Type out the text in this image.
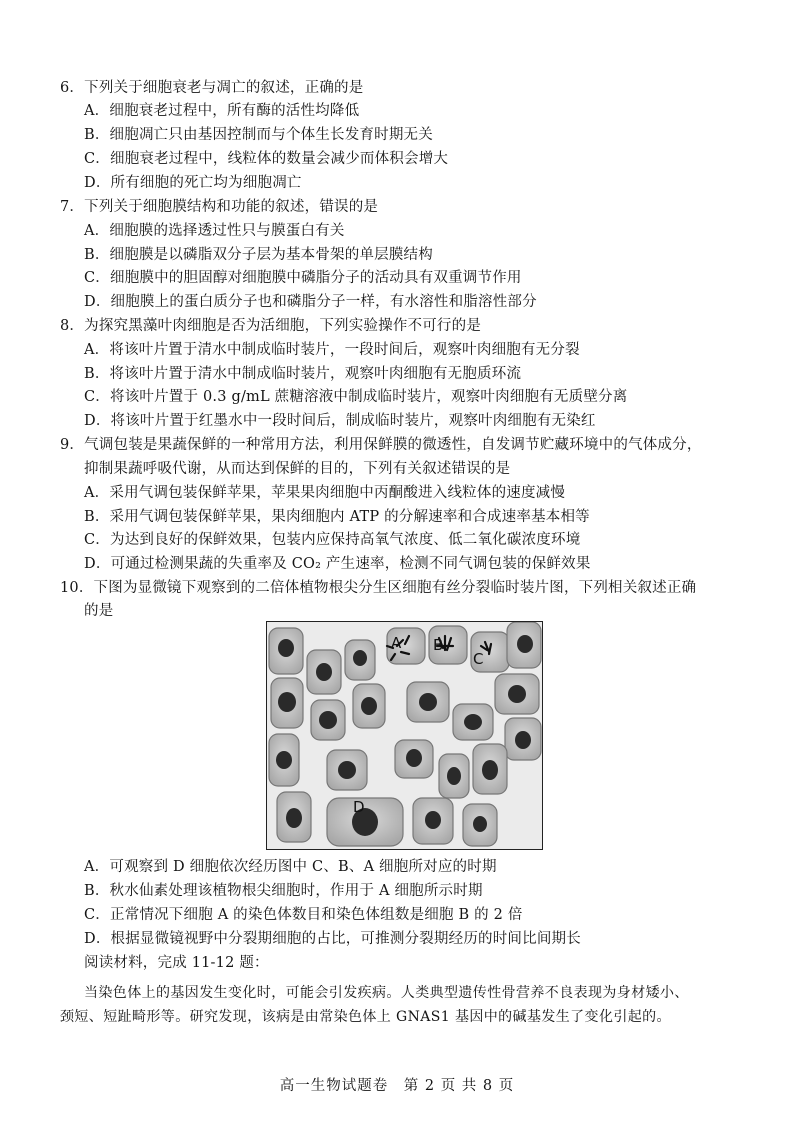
6．下列关于细胞衰老与凋亡的叙述，正确的是
A．细胞衰老过程中，所有酶的活性均降低
B．细胞凋亡只由基因控制而与个体生长发育时期无关
C．细胞衰老过程中，线粒体的数量会减少而体积会增大
D．所有细胞的死亡均为细胞凋亡
7．下列关于细胞膜结构和功能的叙述，错误的是
A．细胞膜的选择透过性只与膜蛋白有关
B．细胞膜是以磷脂双分子层为基本骨架的单层膜结构
C．细胞膜中的胆固醇对细胞膜中磷脂分子的活动具有双重调节作用
D．细胞膜上的蛋白质分子也和磷脂分子一样，有水溶性和脂溶性部分
8．为探究黑藻叶肉细胞是否为活细胞，下列实验操作不可行的是
A．将该叶片置于清水中制成临时装片，一段时间后，观察叶肉细胞有无分裂
B．将该叶片置于清水中制成临时装片，观察叶肉细胞有无胞质环流
C．将该叶片置于 0.3 g/mL 蔗糖溶液中制成临时装片，观察叶肉细胞有无质壁分离
D．将该叶片置于红墨水中一段时间后，制成临时装片，观察叶肉细胞有无染红
9．气调包装是果蔬保鲜的一种常用方法，利用保鲜膜的微透性，自发调节贮藏环境中的气体成分，
抑制果蔬呼吸代谢，从而达到保鲜的目的，下列有关叙述错误的是
A．采用气调包装保鲜苹果，苹果果肉细胞中丙酮酸进入线粒体的速度减慢
B．采用气调包装保鲜苹果，果肉细胞内 ATP 的分解速率和合成速率基本相等
C．为达到良好的保鲜效果，包装内应保持高氧气浓度、低二氧化碳浓度环境
D．可通过检测果蔬的失重率及 CO₂ 产生速率，检测不同气调包装的保鲜效果
10．下图为显微镜下观察到的二倍体植物根尖分生区细胞有丝分裂临时装片图，下列相关叙述正确
的是
A B
C
D
A．可观察到 D 细胞依次经历图中 C、B、A 细胞所对应的时期
B．秋水仙素处理该植物根尖细胞时，作用于 A 细胞所示时期
C．正常情况下细胞 A 的染色体数目和染色体组数是细胞 B 的 2 倍
D．根据显微镜视野中分裂期细胞的占比，可推测分裂期经历的时间比间期长
阅读材料，完成 11-12 题：
当染色体上的基因发生变化时，可能会引发疾病。人类典型遗传性骨营养不良表现为身材矮小、
颈短、短趾畸形等。研究发现，该病是由常染色体上 GNAS1 基因中的碱基发生了变化引起的。
高一生物试题卷　第 2 页 共 8 页
